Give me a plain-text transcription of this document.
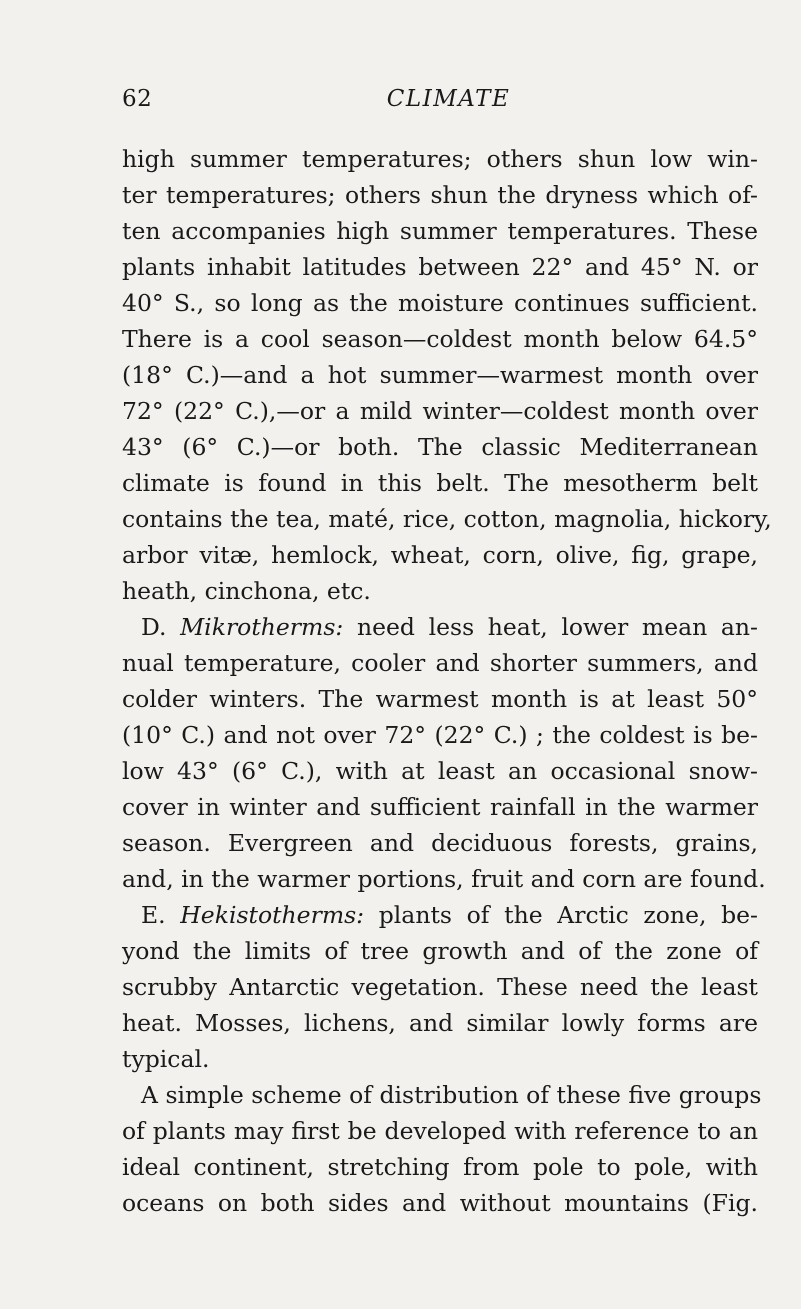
62	CLIMATE
high summer temperatures; others shun low win-
ter temperatures; others shun the dryness which of-
ten accompanies high summer temperatures. These
plants inhabit latitudes between 22° and 45° N. or
40° S., so long as the moisture continues sufficient.
There is a cool season—coldest month below 64.5°
(18° C.)—and a hot summer—warmest month over
72° (22° C.),—or a mild winter—coldest month over
43° (6° C.)—or both. The classic Mediterranean
climate is found in this belt. The mesotherm belt
contains the tea, maté, rice, cotton, magnolia, hickory,
arbor vitæ, hemlock, wheat, corn, olive, fig, grape,
heath, cinchona, etc.
D. Mikrotherms: need less heat, lower mean an-
nual temperature, cooler and shorter summers, and
colder winters. The warmest month is at least 50°
(10° C.) and not over 72° (22° C.) ; the coldest is be-
low 43° (6° C.), with at least an occasional snow-
cover in winter and sufficient rainfall in the warmer
season. Evergreen and deciduous forests, grains,
and, in the warmer portions, fruit and corn are found.
E. Hekistotherms: plants of the Arctic zone, be-
yond the limits of tree growth and of the zone of
scrubby Antarctic vegetation. These need the least
heat. Mosses, lichens, and similar lowly forms are
typical.
A simple scheme of distribution of these five groups
of plants may first be developed with reference to an
ideal continent, stretching from pole to pole, with
oceans on both sides and without mountains (Fig.
